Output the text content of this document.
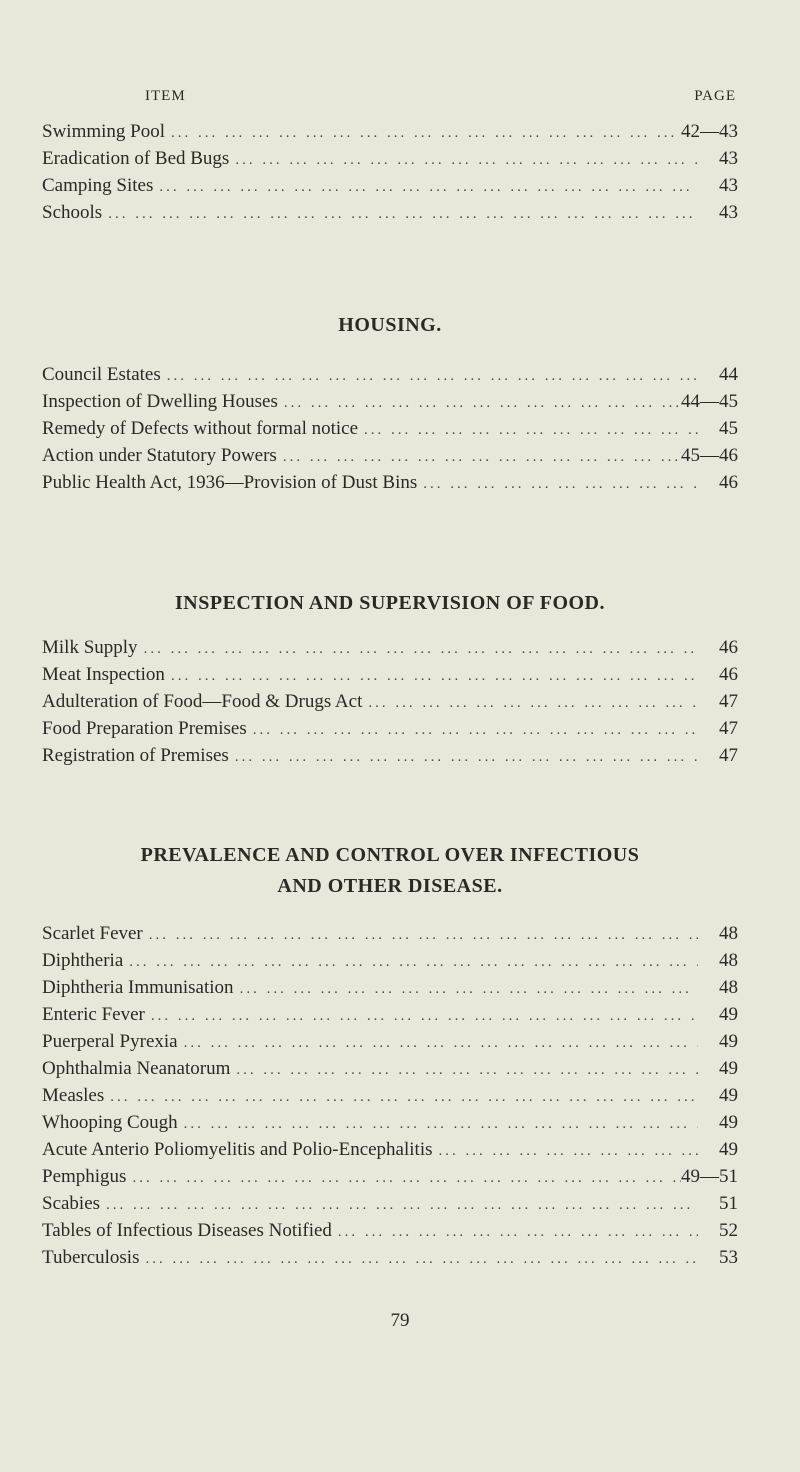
ITEM	PAGE
Swimming Pool ... .	42—43
Eradication of Bed Bugs ... .	43
Camping Sites ... .	43
Schools ... .	43
HOUSING.
Council Estates ... .	44
Inspection of Dwelling Houses ... .	44—45
Remedy of Defects without formal notice ... .	45
Action under Statutory Powers ... .	45—46
Public Health Act, 1936—Provision of Dust Bins ... .	46
INSPECTION AND SUPERVISION OF FOOD.
Milk Supply ... .	46
Meat Inspection ... .	46
Adulteration of Food—Food & Drugs Act ... .	47
Food Preparation Premises ... .	47
Registration of Premises ... .	47
PREVALENCE AND CONTROL OVER INFECTIOUS
AND OTHER DISEASE.
Scarlet Fever ... .	48
Diphtheria ... .	48
Diphtheria Immunisation ... .	48
Enteric Fever ... .	49
Puerperal Pyrexia ... .	49
Ophthalmia Neanatorum ... .	49
Measles ... .	49
Whooping Cough ... .	49
Acute Anterio Poliomyelitis and Polio-Encephalitis ... .	49
Pemphigus ... .	49—51
Scabies ... .	51
Tables of Infectious Diseases Notified ... .	52
Tuberculosis ... .	53
79
